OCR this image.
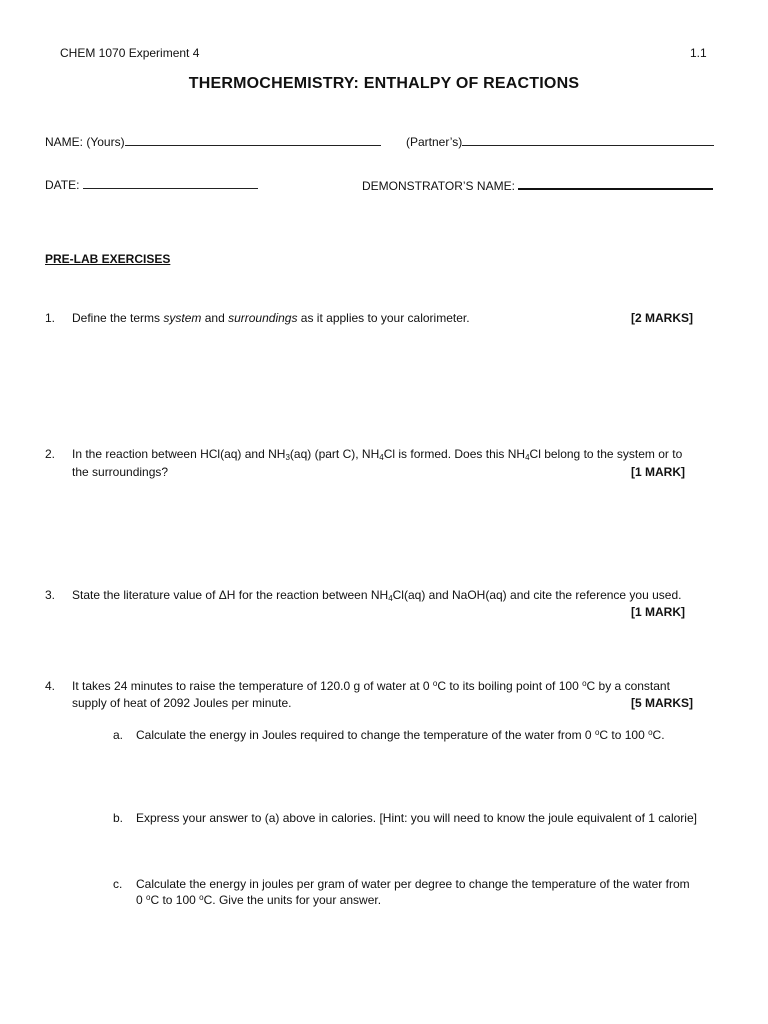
CHEM 1070 Experiment 4	1.1
THERMOCHEMISTRY: ENTHALPY OF REACTIONS
NAME: (Yours)	(Partner’s)
DATE:	DEMONSTRATOR’S NAME:
PRE-LAB EXERCISES
1. Define the terms system and surroundings as it applies to your calorimeter.	[2 MARKS]
2. In the reaction between HCl(aq) and $NH_3(aq)$ (part C), $NH_4Cl$ is formed. Does this $NH_4Cl$ belong to the system or to
the surroundings?	[1 MARK]
3. State the literature value of ΔH for the reaction between $NH_4Cl(aq)$ and NaOH(aq) and cite the reference you used.
[1 MARK]
4. It takes 24 minutes to raise the temperature of 120.0 g of water at 0 $^o$C to its boiling point of 100 $^o$C by a constant
supply of heat of 2092 Joules per minute.	[5 MARKS]
a. Calculate the energy in Joules required to change the temperature of the water from 0 $^o$C to 100 $^o$C.
b. Express your answer to (a) above in calories. [Hint: you will need to know the joule equivalent of 1 calorie]
c. Calculate the energy in joules per gram of water per degree to change the temperature of the water from
0 $^o$C to 100 $^o$C. Give the units for your answer.
